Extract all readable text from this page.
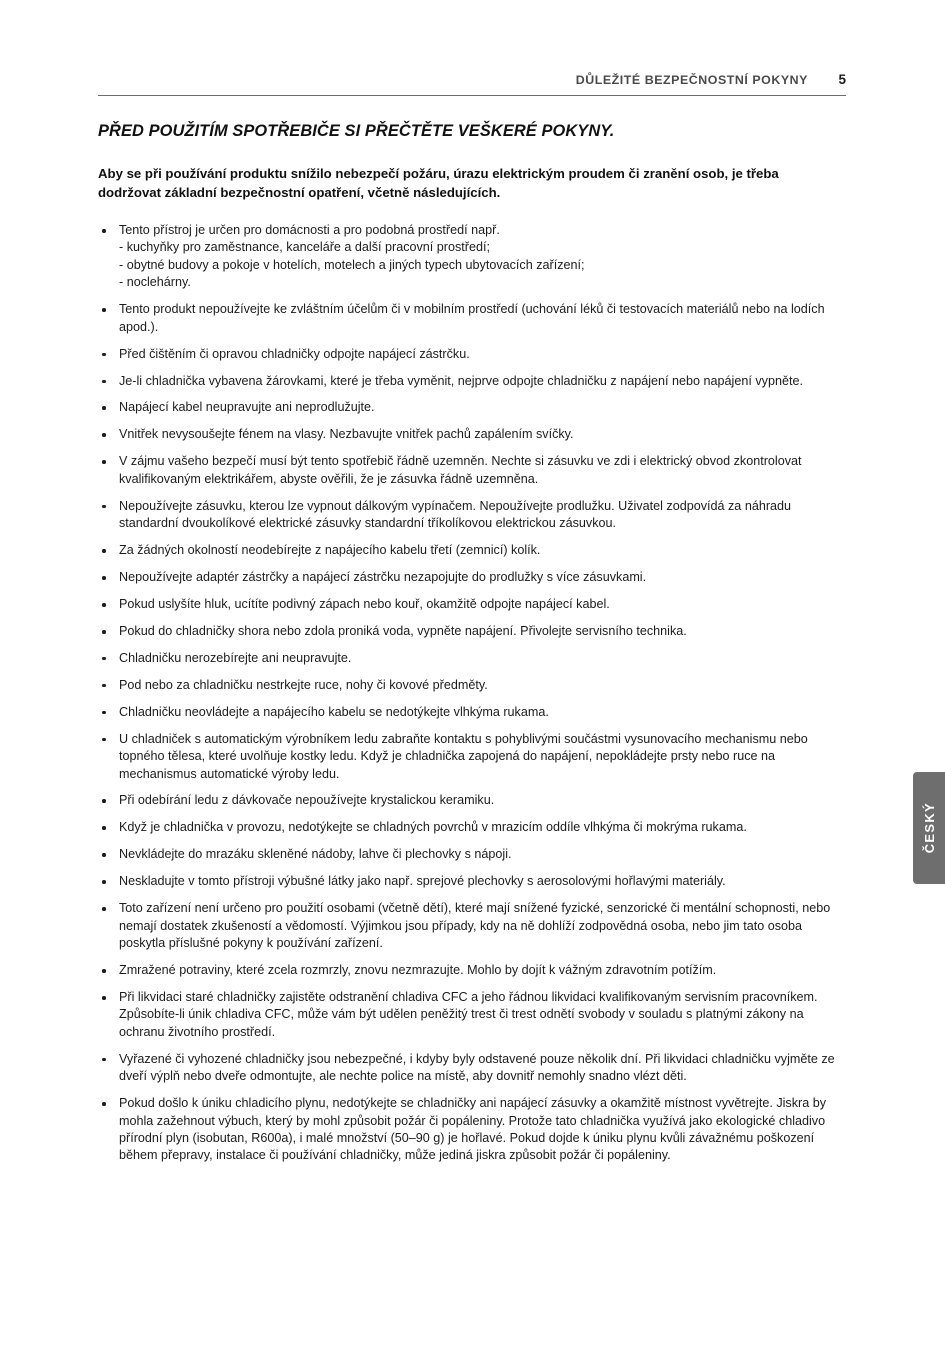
DŮLEŽITÉ BEZPEČNOSTNÍ POKYNY	5
PŘED POUŽITÍM SPOTŘEBIČE SI PŘEČTĚTE VEŠKERÉ POKYNY.

Aby se při používání produktu snížilo nebezpečí požáru, úrazu elektrickým proudem či zranění osob, je třeba dodržovat základní bezpečnostní opatření, včetně následujících.

Tento přístroj je určen pro domácnosti a pro podobná prostředí např.
- kuchyňky pro zaměstnance, kanceláře a další pracovní prostředí;
- obytné budovy a pokoje v hotelích, motelech a jiných typech ubytovacích zařízení;
- noclehárny.
Tento produkt nepoužívejte ke zvláštním účelům či v mobilním prostředí (uchování léků či testovacích materiálů nebo na lodích apod.).
Před čištěním či opravou chladničky odpojte napájecí zástrčku.
Je-li chladnička vybavena žárovkami, které je třeba vyměnit, nejprve odpojte chladničku z napájení nebo napájení vypněte.
Napájecí kabel neupravujte ani neprodlužujte.
Vnitřek nevysoušejte fénem na vlasy. Nezbavujte vnitřek pachů zapálením svíčky.
V zájmu vašeho bezpečí musí být tento spotřebič řádně uzemněn. Nechte si zásuvku ve zdi i elektrický obvod zkontrolovat kvalifikovaným elektrikářem, abyste ověřili, že je zásuvka řádně uzemněna.
Nepoužívejte zásuvku, kterou lze vypnout dálkovým vypínačem. Nepoužívejte prodlužku. Uživatel zodpovídá za náhradu standardní dvoukolíkové elektrické zásuvky standardní tříkolíkovou elektrickou zásuvkou.
Za žádných okolností neodebírejte z napájecího kabelu třetí (zemnicí) kolík.
Nepoužívejte adaptér zástrčky a napájecí zástrčku nezapojujte do prodlužky s více zásuvkami.
Pokud uslyšíte hluk, ucítíte podivný zápach nebo kouř, okamžitě odpojte napájecí kabel.
Pokud do chladničky shora nebo zdola proniká voda, vypněte napájení. Přivolejte servisního technika.
Chladničku nerozebírejte ani neupravujte.
Pod nebo za chladničku nestrkejte ruce, nohy či kovové předměty.
Chladničku neovládejte a napájecího kabelu se nedotýkejte vlhkýma rukama.
U chladniček s automatickým výrobníkem ledu zabraňte kontaktu s pohyblivými součástmi vysunovacího mechanismu nebo topného tělesa, které uvolňuje kostky ledu. Když je chladnička zapojená do napájení, nepokládejte prsty nebo ruce na mechanismus automatické výroby ledu.
Při odebírání ledu z dávkovače nepoužívejte krystalickou keramiku.
Když je chladnička v provozu, nedotýkejte se chladných povrchů v mrazicím oddíle vlhkýma či mokrýma rukama.
Nevkládejte do mrazáku skleněné nádoby, lahve či plechovky s nápoji.
Neskladujte v tomto přístroji výbušné látky jako např. sprejové plechovky s aerosolovými hořlavými materiály.
Toto zařízení není určeno pro použití osobami (včetně dětí), které mají snížené fyzické, senzorické či mentální schopnosti, nebo nemají dostatek zkušeností a vědomostí. Výjimkou jsou případy, kdy na ně dohlíží zodpovědná osoba, nebo jim tato osoba poskytla příslušné pokyny k používání zařízení.
Zmražené potraviny, které zcela rozmrzly, znovu nezmrazujte. Mohlo by dojít k vážným zdravotním potížím.
Při likvidaci staré chladničky zajistěte odstranění chladiva CFC a jeho řádnou likvidaci kvalifikovaným servisním pracovníkem. Způsobíte-li únik chladiva CFC, může vám být udělen peněžitý trest či trest odnětí svobody v souladu s platnými zákony na ochranu životního prostředí.
Vyřazené či vyhozené chladničky jsou nebezpečné, i kdyby byly odstavené pouze několik dní. Při likvidaci chladničku vyjměte ze dveří výplň nebo dveře odmontujte, ale nechte police na místě, aby dovnitř nemohly snadno vlézt děti.
Pokud došlo k úniku chladicího plynu, nedotýkejte se chladničky ani napájecí zásuvky a okamžitě místnost vyvětrejte. Jiskra by mohla zažehnout výbuch, který by mohl způsobit požár či popáleniny. Protože tato chladnička využívá jako ekologické chladivo přírodní plyn (isobutan, R600a), i malé množství (50–90 g) je hořlavé. Pokud dojde k úniku plynu kvůli závažnému poškození během přepravy, instalace či používání chladničky, může jediná jiskra způsobit požár či popáleniny.
ČESKÝ
